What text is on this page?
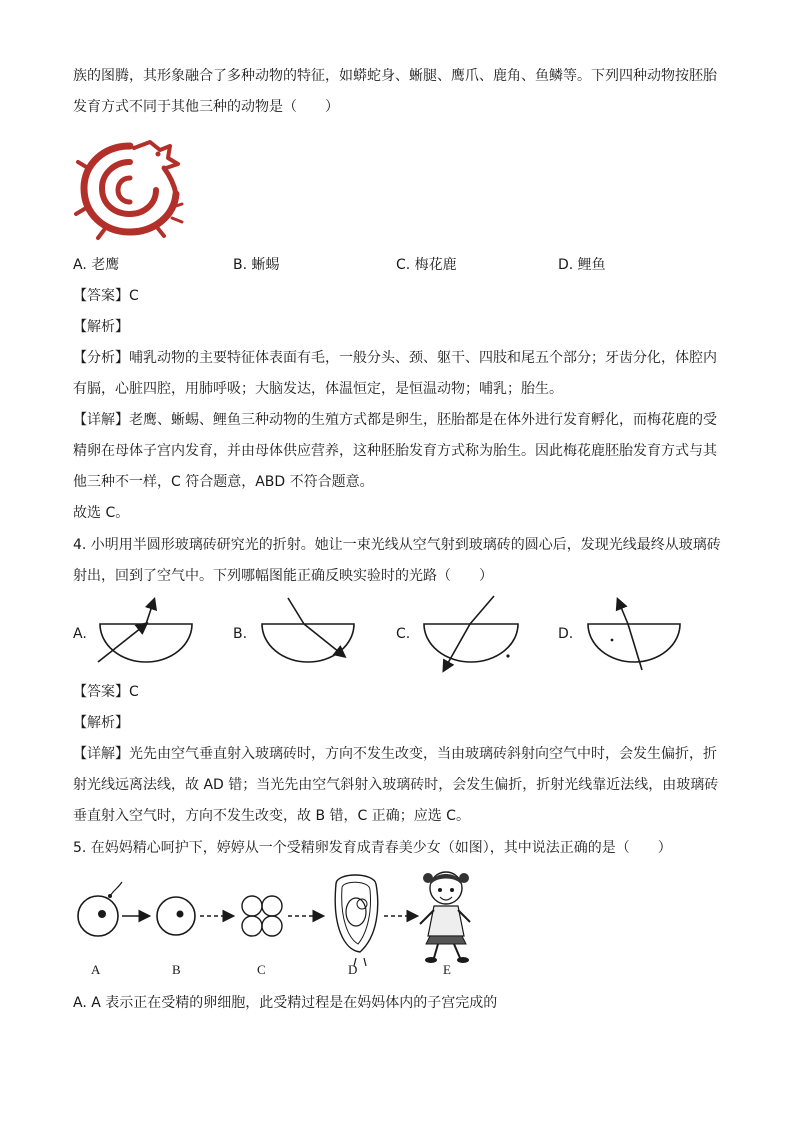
族的图腾，其形象融合了多种动物的特征，如蟒蛇身、蜥腿、鹰爪、鹿角、鱼鳞等。下列四种动物按胚胎
发育方式不同于其他三种的动物是（　　）
A. 老鹰	B. 蜥蜴	C. 梅花鹿	D. 鲤鱼
【答案】C
【解析】
【分析】哺乳动物的主要特征体表面有毛，一般分头、颈、躯干、四肢和尾五个部分；牙齿分化，体腔内
有膈，心脏四腔，用肺呼吸；大脑发达，体温恒定，是恒温动物；哺乳；胎生。
【详解】老鹰、蜥蜴、鲤鱼三种动物的生殖方式都是卵生，胚胎都是在体外进行发育孵化，而梅花鹿的受
精卵在母体子宫内发育，并由母体供应营养，这种胚胎发育方式称为胎生。因此梅花鹿胚胎发育方式与其
他三种不一样，C 符合题意，ABD 不符合题意。
故选 C。
4. 小明用半圆形玻璃砖研究光的折射。她让一束光线从空气射到玻璃砖的圆心后，发现光线最终从玻璃砖
射出，回到了空气中。下列哪幅图能正确反映实验时的光路（　　）
A.	B.	C.	D.
【答案】C
【解析】
【详解】光先由空气垂直射入玻璃砖时，方向不发生改变，当由玻璃砖斜射向空气中时，会发生偏折，折
射光线远离法线，故 AD 错；当光先由空气斜射入玻璃砖时，会发生偏折，折射光线靠近法线，由玻璃砖
垂直射入空气时，方向不发生改变，故 B 错，C 正确；应选 C。
5. 在妈妈精心呵护下，婷婷从一个受精卵发育成青春美少女（如图），其中说法正确的是（　　）
A	B	C	D	E
A. A 表示正在受精的卵细胞，此受精过程是在妈妈体内的子宫完成的
